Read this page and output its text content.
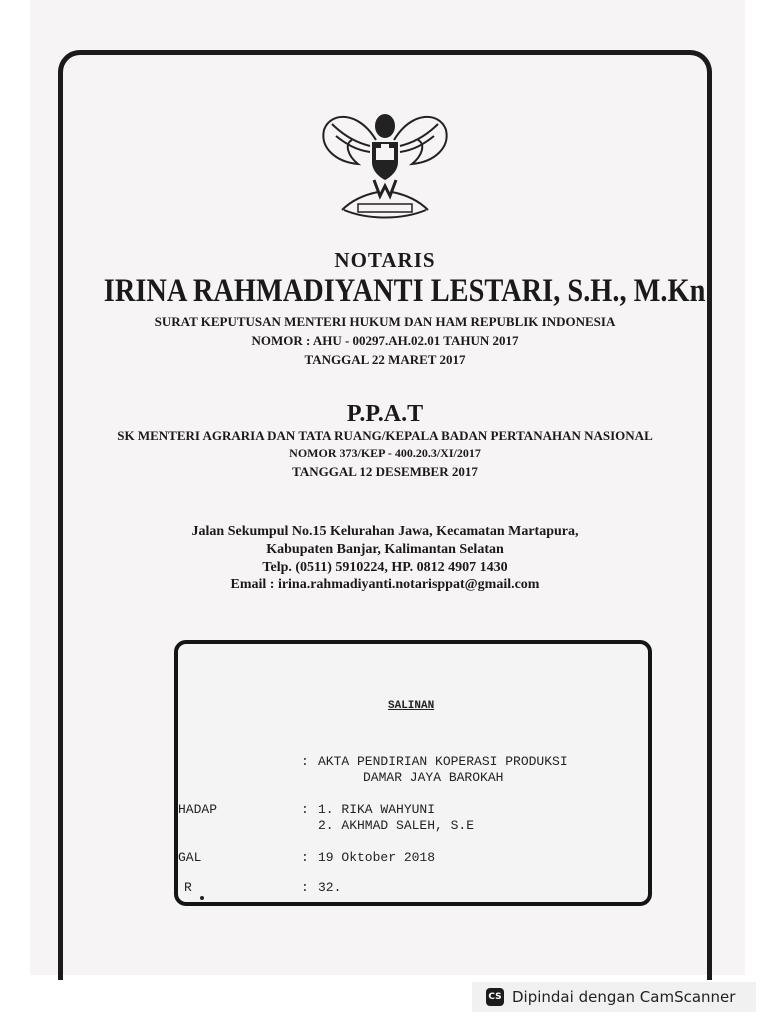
NOTARIS
IRINA RAHMADIYANTI LESTARI, S.H., M.Kn
SURAT KEPUTUSAN MENTERI HUKUM DAN HAM REPUBLIK INDONESIA
NOMOR : AHU - 00297.AH.02.01 TAHUN 2017
TANGGAL 22 MARET 2017
P.P.A.T
SK MENTERI AGRARIA DAN TATA RUANG/KEPALA BADAN PERTANAHAN NASIONAL
NOMOR 373/KEP - 400.20.3/XI/2017
TANGGAL 12 DESEMBER 2017
Jalan Sekumpul No.15 Kelurahan Jawa, Kecamatan Martapura,
Kabupaten Banjar, Kalimantan Selatan
Telp. (0511) 5910224, HP. 0812 4907 1430
Email : irina.rahmadiyanti.notarisppat@gmail.com
SALINAN
: AKTA PENDIRIAN KOPERASI PRODUKSI
DAMAR JAYA BAROKAH
HADAP	: 1. RIKA WAHYUNI
2. AKHMAD SALEH, S.E
GAL	: 19 Oktober 2018
R	: 32.
CS Dipindai dengan CamScanner
